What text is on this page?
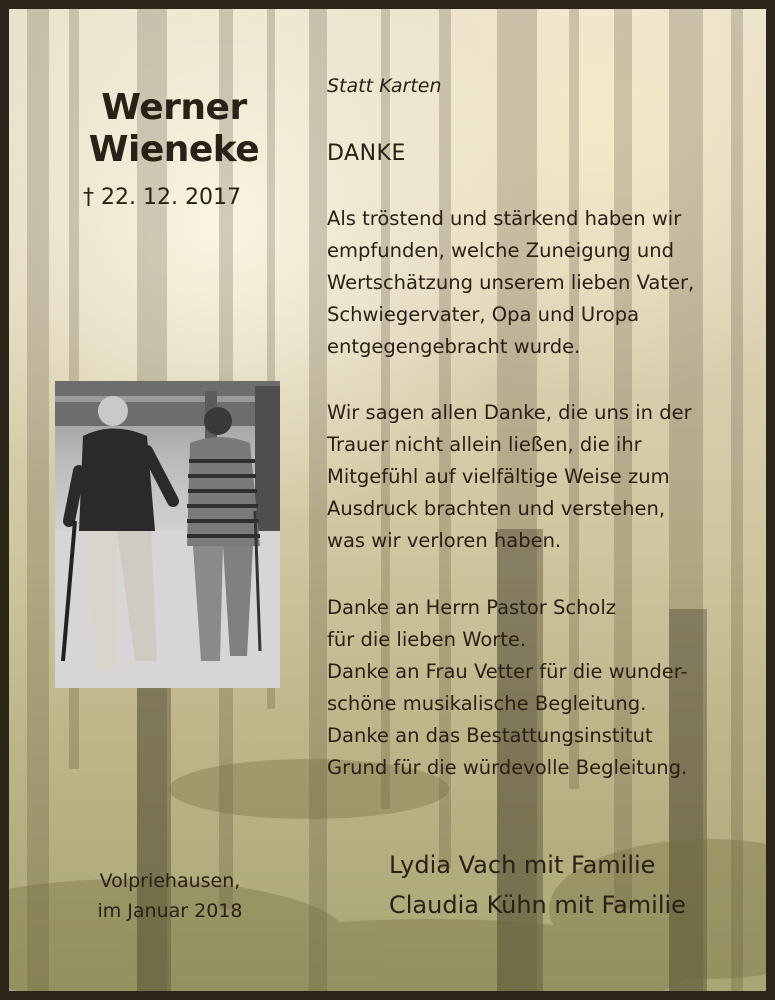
Werner
Wieneke
† 22. 12. 2017
Statt Karten
DANKE
Als tröstend und stärkend haben wir
empfunden, welche Zuneigung und
Wertschätzung unserem lieben Vater,
Schwiegervater, Opa und Uropa
entgegengebracht wurde.
Wir sagen allen Danke, die uns in der
Trauer nicht allein ließen, die ihr
Mitgefühl auf vielfältige Weise zum
Ausdruck brachten und verstehen,
was wir verloren haben.
Danke an Herrn Pastor Scholz
für die lieben Worte.
Danke an Frau Vetter für die wunder-
schöne musikalische Begleitung.
Danke an das Bestattungsinstitut
Grund für die würdevolle Begleitung.
Volpriehausen,
im Januar 2018
Lydia Vach mit Familie
Claudia Kühn mit Familie
